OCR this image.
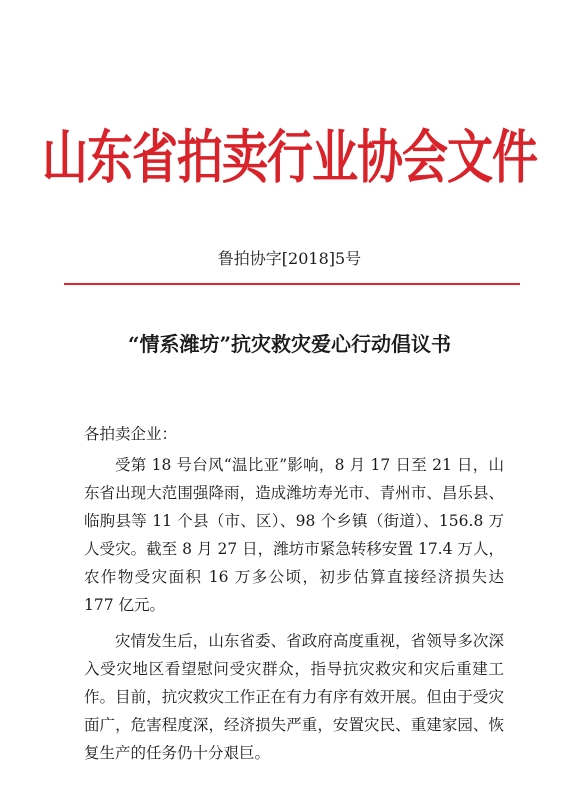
山东省拍卖行业协会文件
鲁拍协字[2018]5号
“情系潍坊”抗灾救灾爱心行动倡议书

各拍卖企业：

受第 18 号台风“温比亚”影响，8 月 17 日至 21 日，山东省出现大范围强降雨，造成潍坊寿光市、青州市、昌乐县、临朐县等 11 个县（市、区）、98 个乡镇（街道）、156.8 万人受灾。截至 8 月 27 日，潍坊市紧急转移安置 17.4 万人，农作物受灾面积 16 万多公顷，初步估算直接经济损失达 177 亿元。

灾情发生后，山东省委、省政府高度重视，省领导多次深入受灾地区看望慰问受灾群众，指导抗灾救灾和灾后重建工作。目前，抗灾救灾工作正在有力有序有效开展。但由于受灾面广，危害程度深，经济损失严重，安置灾民、重建家园、恢复生产的任务仍十分艰巨。
